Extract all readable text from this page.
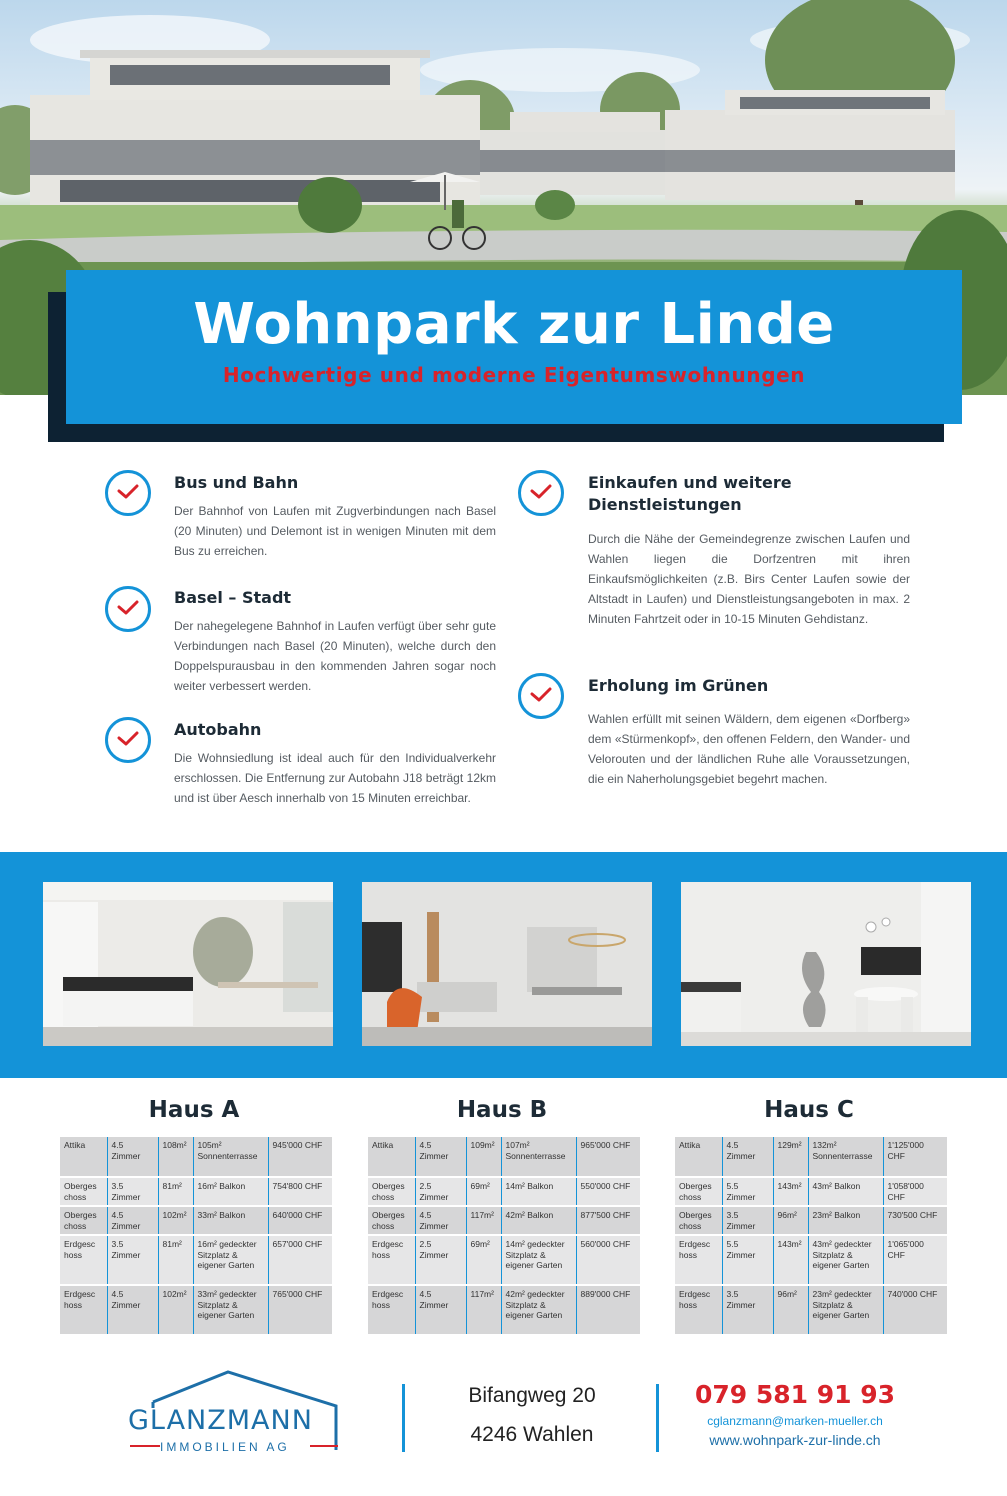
Wohnpark zur Linde
Hochwertige und moderne Eigentumswohnungen
Bus und Bahn
Der Bahnhof von Laufen mit Zugverbindungen nach Basel (20 Minuten) und Delemont ist in wenigen Minuten mit dem Bus zu erreichen.
Basel – Stadt
Der nahegelegene Bahnhof in Laufen verfügt über sehr gute Verbindungen nach Basel (20 Minuten), welche durch den Doppelspurausbau in den kommenden Jahren sogar noch weiter verbessert werden.
Autobahn
Die Wohnsiedlung ist ideal auch für den Individualverkehr erschlossen. Die Entfernung zur Autobahn J18 beträgt 12km und ist über Aesch innerhalb von 15 Minuten erreichbar.
Einkaufen und weitere Dienstleistungen
Durch die Nähe der Gemeindegrenze zwischen Laufen und Wahlen liegen die Dorfzentren mit ihren Einkaufsmöglichkeiten (z.B. Birs Center Laufen sowie der Altstadt in Laufen) und Dienstleistungsangeboten in max. 2 Minuten Fahrtzeit oder in 10-15 Minuten Gehdistanz.
Erholung im Grünen
Wahlen erfüllt mit seinen Wäldern, dem eigenen «Dorfberg» dem «Stürmenkopf», den offenen Feldern, den Wander- und Velorouten und der ländlichen Ruhe alle Voraussetzungen, die ein Naherholungsgebiet begehrt machen.
Haus A	Haus B	Haus C
Attika	4.5 Zimmer	108m²	105m² Sonnenterrasse	945'000 CHF
Oberges choss	3.5 Zimmer	81m²	16m² Balkon	754'800 CHF
Oberges choss	4.5 Zimmer	102m²	33m² Balkon	640'000 CHF
Erdgesc hoss	3.5 Zimmer	81m²	16m² gedeckter Sitzplatz & eigener Garten	657'000 CHF
Erdgesc hoss	4.5 Zimmer	102m²	33m² gedeckter Sitzplatz & eigener Garten	765'000 CHF
Attika	4.5 Zimmer	109m²	107m² Sonnenterrasse	965'000 CHF
Oberges choss	2.5 Zimmer	69m²	14m² Balkon	550'000 CHF
Oberges choss	4.5 Zimmer	117m²	42m² Balkon	877'500 CHF
Erdgesc hoss	2.5 Zimmer	69m²	14m² gedeckter Sitzplatz & eigener Garten	560'000 CHF
Erdgesc hoss	4.5 Zimmer	117m²	42m² gedeckter Sitzplatz & eigener Garten	889'000 CHF
Attika	4.5 Zimmer	129m²	132m² Sonnenterrasse	1'125'000 CHF
Oberges choss	5.5 Zimmer	143m²	43m² Balkon	1'058'000 CHF
Oberges choss	3.5 Zimmer	96m²	23m² Balkon	730'500 CHF
Erdgesc hoss	5.5 Zimmer	143m²	43m² gedeckter Sitzplatz & eigener Garten	1'065'000 CHF
Erdgesc hoss	3.5 Zimmer	96m²	23m² gedeckter Sitzplatz & eigener Garten	740'000 CHF
GLANZMANN
IMMOBILIEN AG
Bifangweg 20
4246 Wahlen
079 581 91 93
cglanzmann@marken-mueller.ch
www.wohnpark-zur-linde.ch
